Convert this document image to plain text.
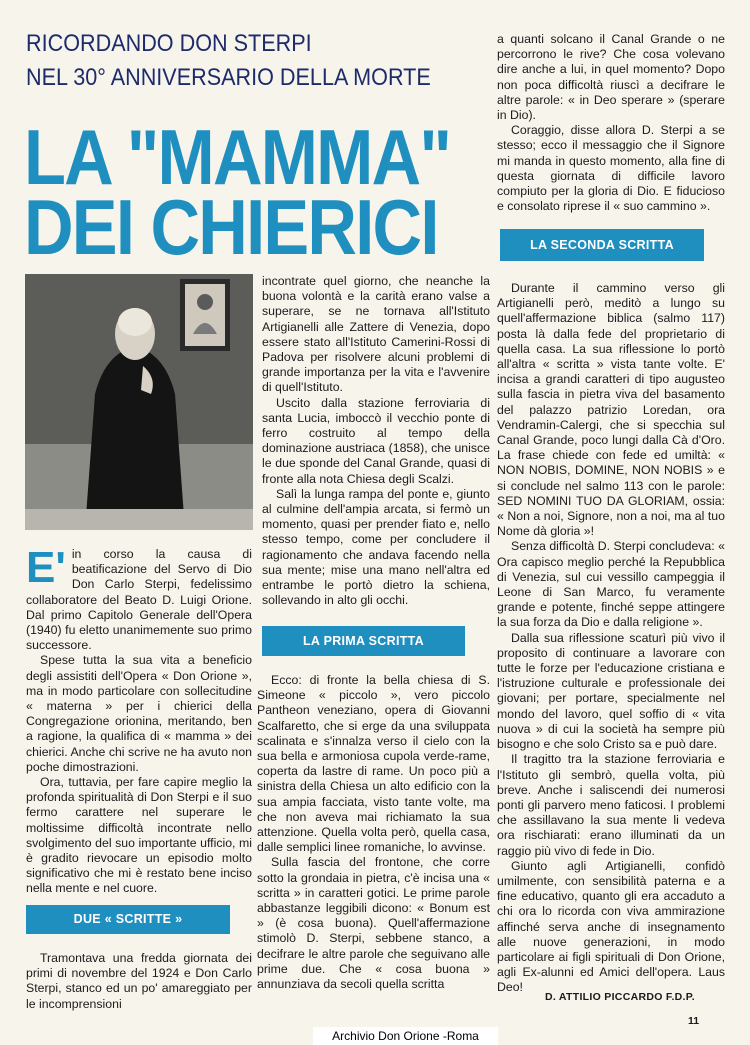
RICORDANDO DON STERPI
NEL 30° ANNIVERSARIO DELLA MORTE
LA "MAMMA"
DEI CHIERICI

E' in corso la causa di beatificazione del Servo di Dio Don Carlo Sterpi, fedelissimo collaboratore del Beato D. Luigi Orione. Dal primo Capitolo Generale dell'Opera (1940) fu eletto unanimemente suo primo successore.

Spese tutta la sua vita a beneficio degli assistiti dell'Opera « Don Orione », ma in modo particolare con sollecitudine « materna » per i chierici della Congregazione orionina, meritando, ben a ragione, la qualifica di « mamma » dei chierici. Anche chi scrive ne ha avuto non poche dimostrazioni.

Ora, tuttavia, per fare capire meglio la profonda spiritualità di Don Sterpi e il suo fermo carattere nel superare le moltissime difficoltà incontrate nello svolgimento del suo importante ufficio, mi è gradito rievocare un episodio molto significativo che mi è restato bene inciso nella mente e nel cuore.

DUE « SCRITTE »

Tramontava una fredda giornata dei primi di novembre del 1924 e Don Carlo Sterpi, stanco ed un po' amareggiato per le incomprensioni

incontrate quel giorno, che neanche la buona volontà e la carità erano valse a superare, se ne tornava all'Istituto Artigianelli alle Zattere di Venezia, dopo essere stato all'Istituto Camerini-Rossi di Padova per risolvere alcuni problemi di grande importanza per la vita e l'avvenire di quell'Istituto.

Uscito dalla stazione ferroviaria di santa Lucia, imboccò il vecchio ponte di ferro costruito al tempo della dominazione austriaca (1858), che unisce le due sponde del Canal Grande, quasi di fronte alla nota Chiesa degli Scalzi.

Salì la lunga rampa del ponte e, giunto al culmine dell'ampia arcata, si fermò un momento, quasi per prender fiato e, nello stesso tempo, come per concludere il ragionamento che andava facendo nella sua mente; mise una mano nell'altra ed entrambe le portò dietro la schiena, sollevando in alto gli occhi.

LA PRIMA SCRITTA

Ecco: di fronte la bella chiesa di S. Simeone « piccolo », vero piccolo Pantheon veneziano, opera di Giovanni Scalfaretto, che si erge da una sviluppata scalinata e s'innalza verso il cielo con la sua bella e armoniosa cupola verde-rame, coperta da lastre di rame. Un poco più a sinistra della Chiesa un alto edificio con la sua ampia facciata, visto tante volte, ma che non aveva mai richiamato la sua attenzione. Quella volta però, quella casa, dalle semplici linee romaniche, lo avvinse.

Sulla fascia del frontone, che corre sotto la grondaia in pietra, c'è incisa una « scritta » in caratteri gotici. Le prime parole abbastanze leggibili dicono: « Bonum est » (è cosa buona). Quell'affermazione stimolò D. Sterpi, sebbene stanco, a decifrare le altre parole che seguivano alle prime due. Che « cosa buona » annunziava da secoli quella scritta

a quanti solcano il Canal Grande o ne percorrono le rive? Che cosa volevano dire anche a lui, in quel momento? Dopo non poca difficoltà riuscì a decifrare le altre parole: « in Deo sperare » (sperare in Dio).

Coraggio, disse allora D. Sterpi a se stesso; ecco il messaggio che il Signore mi manda in questo momento, alla fine di questa giornata di difficile lavoro compiuto per la gloria di Dio. E fiducioso e consolato riprese il « suo cammino ».

LA SECONDA SCRITTA

Durante il cammino verso gli Artigianelli però, meditò a lungo su quell'affermazione biblica (salmo 117) posta là dalla fede del proprietario di quella casa. La sua riflessione lo portò all'altra « scritta » vista tante volte. E' incisa a grandi caratteri di tipo augusteo sulla fascia in pietra viva del basamento del palazzo patrizio Loredan, ora Vendramin-Calergi, che si specchia sul Canal Grande, poco lungi dalla Cà d'Oro. La frase chiede con fede ed umiltà: « NON NOBIS, DOMINE, NON NOBIS » e si conclude nel salmo 113 con le parole: SED NOMINI TUO DA GLORIAM, ossia: « Non a noi, Signore, non a noi, ma al tuo Nome dà gloria »!

Senza difficoltà D. Sterpi concludeva: « Ora capisco meglio perché la Repubblica di Venezia, sul cui vessillo campeggia il Leone di San Marco, fu veramente grande e potente, finché seppe attingere la sua forza da Dio e dalla religione ».

Dalla sua riflessione scaturì più vivo il proposito di continuare a lavorare con tutte le forze per l'educazione cristiana e l'istruzione culturale e professionale dei giovani; per portare, specialmente nel mondo del lavoro, quel soffio di « vita nuova » di cui la società ha sempre più bisogno e che solo Cristo sa e può dare.

Il tragitto tra la stazione ferroviaria e l'Istituto gli sembrò, quella volta, più breve. Anche i saliscendi dei numerosi ponti gli parvero meno faticosi. I problemi che assillavano la sua mente li vedeva ora rischiarati: erano illuminati da un raggio più vivo di fede in Dio.

Giunto agli Artigianelli, confidò umilmente, con sensibilità paterna e a fine educativo, quanto gli era accaduto a chi ora lo ricorda con viva ammirazione affinché serva anche di insegnamento alle nuove generazioni, in modo particolare ai figli spirituali di Don Orione, agli Ex-alunni ed Amici dell'opera. Laus Deo!

D. ATTILIO PICCARDO F.D.P.
11
Archivio Don Orione -Roma
